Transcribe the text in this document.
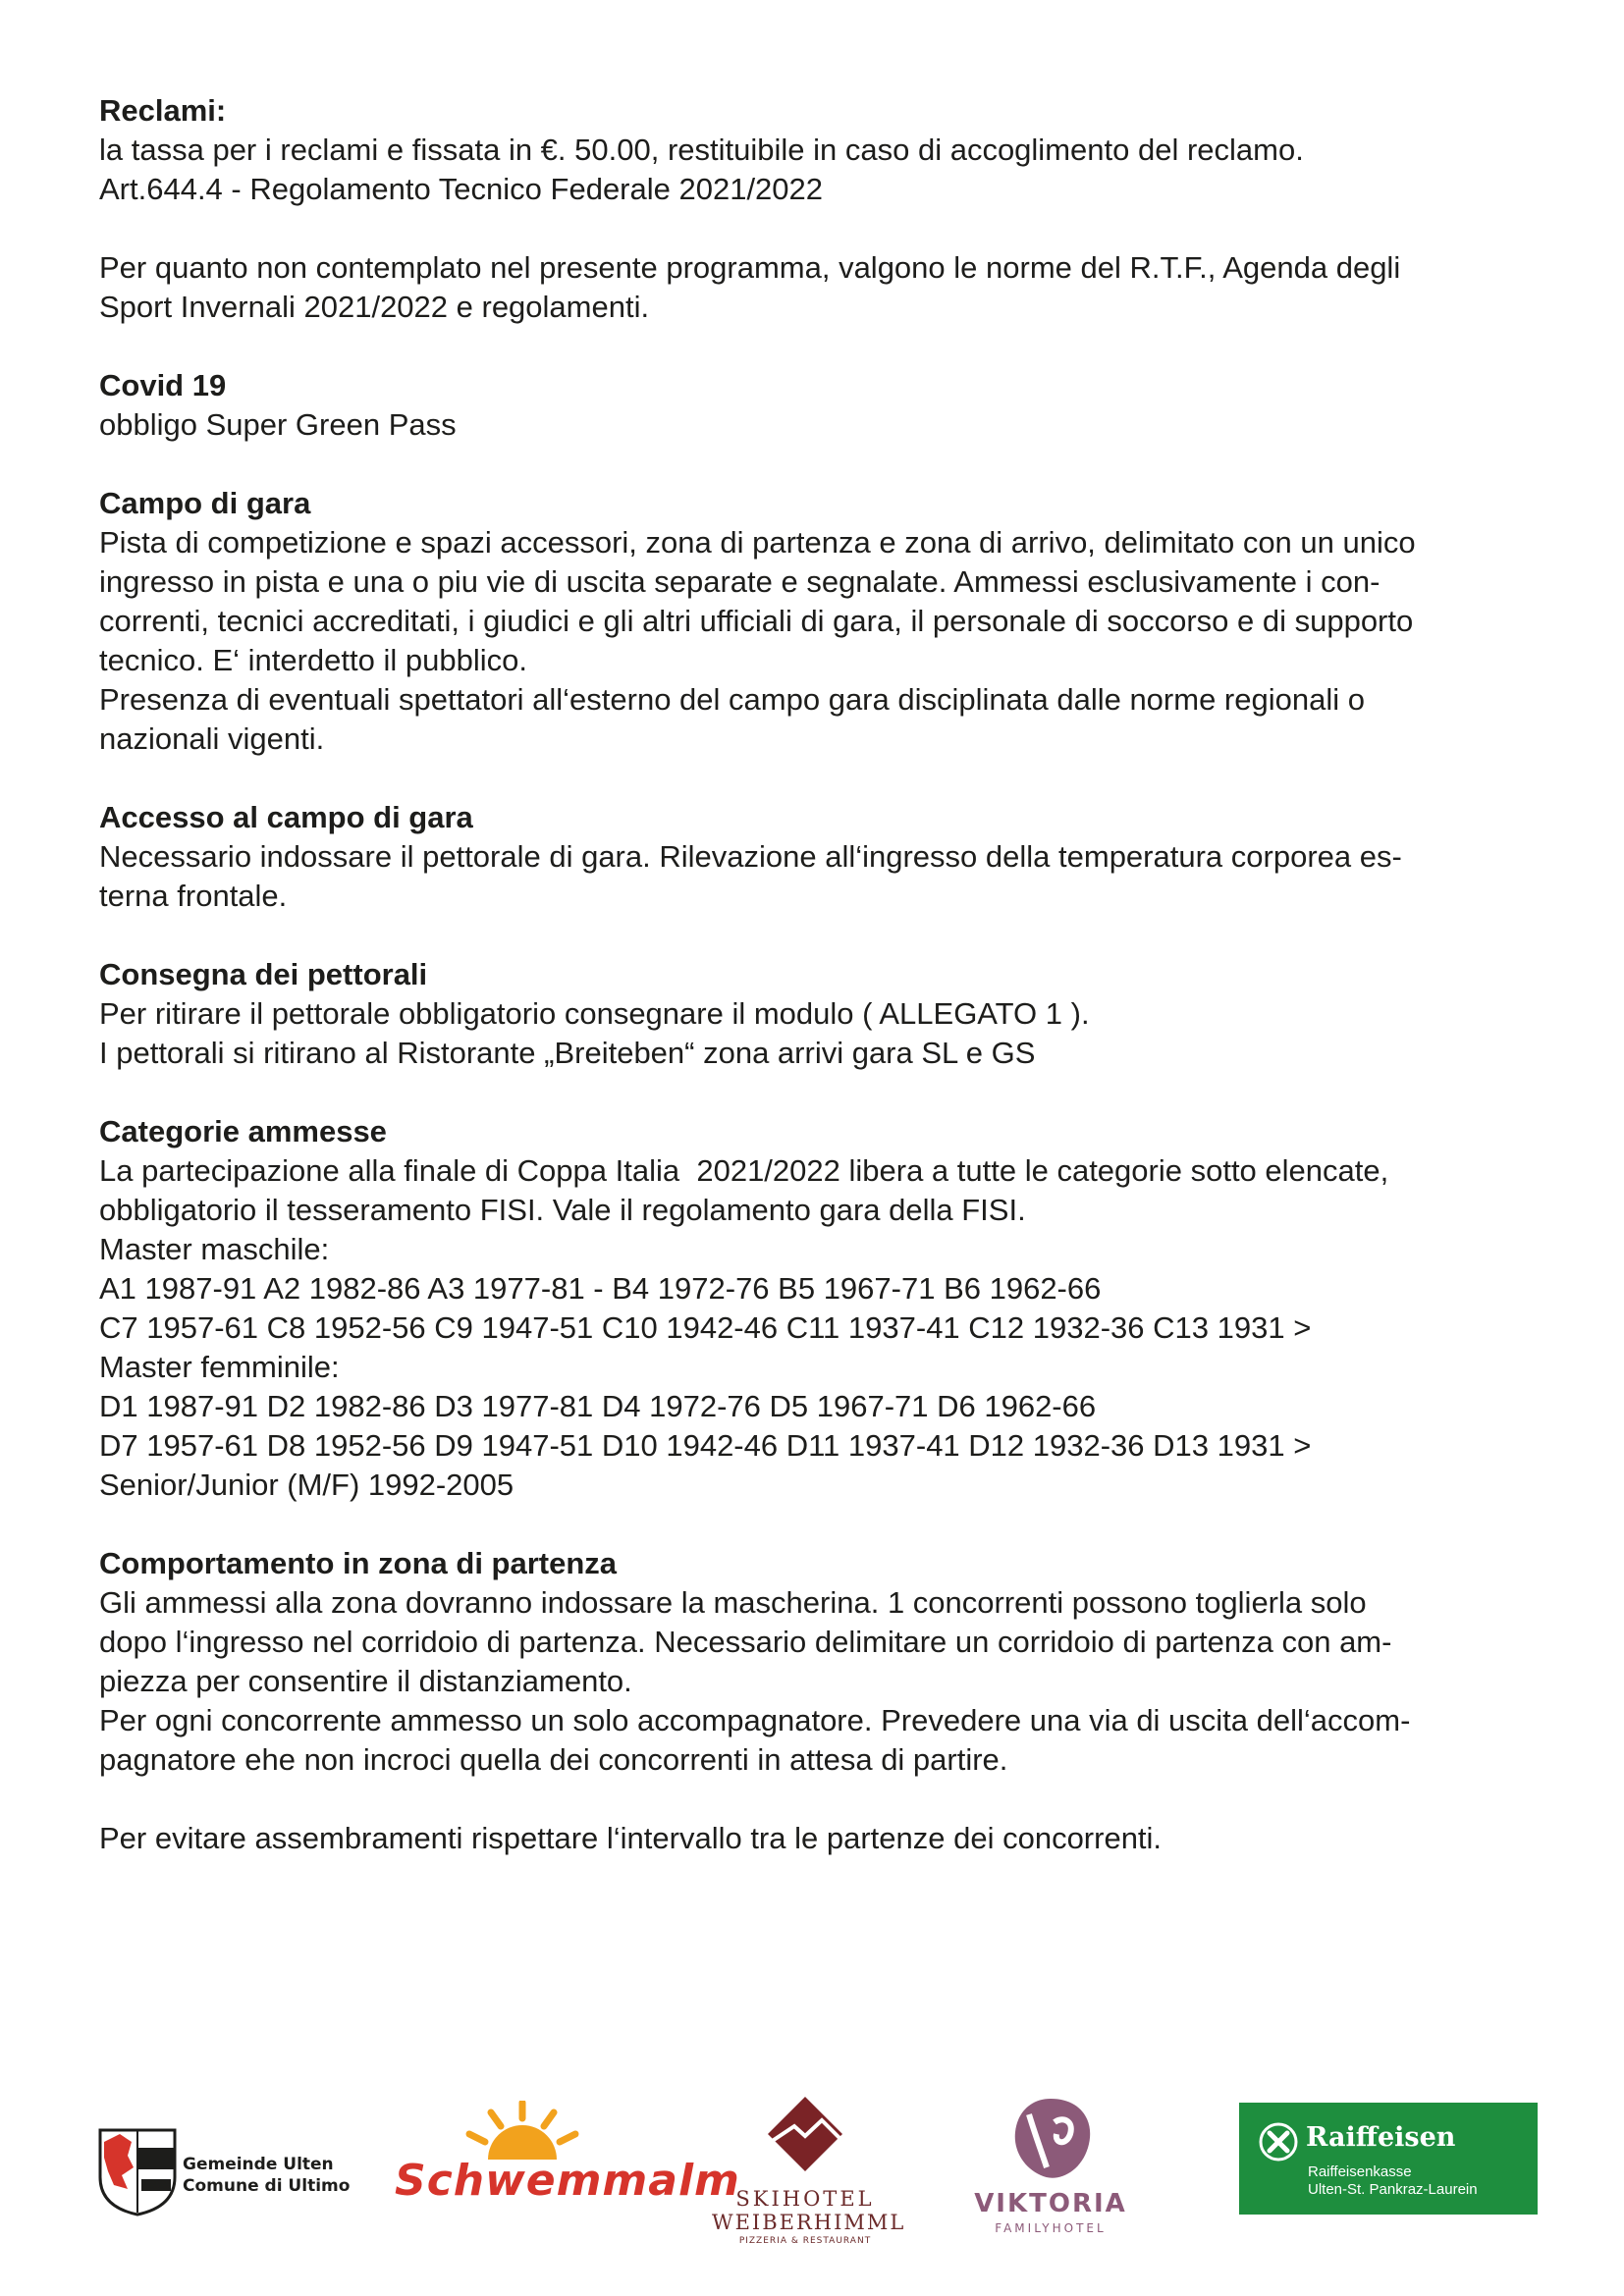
Reclami:

la tassa per i reclami e fissata in €. 50.00, restituibile in caso di accoglimento del reclamo.

Art.644.4 - Regolamento Tecnico Federale 2021/2022

Per quanto non contemplato nel presente programma, valgono le norme del R.T.F., Agenda degli

Sport Invernali 2021/2022 e regolamenti.

Covid 19

obbligo Super Green Pass

Campo di gara

Pista di competizione e spazi accessori, zona di partenza e zona di arrivo, delimitato con un unico

ingresso in pista e una o piu vie di uscita separate e segnalate. Ammessi esclusivamente i con-

correnti, tecnici accreditati, i giudici e gli altri ufficiali di gara, il personale di soccorso e di supporto

tecnico. E‘ interdetto il pubblico.

Presenza di eventuali spettatori all‘esterno del campo gara disciplinata dalle norme regionali o

nazionali vigenti.

Accesso al campo di gara

Necessario indossare il pettorale di gara. Rilevazione all‘ingresso della temperatura corporea es-

terna frontale.

Consegna dei pettorali

Per ritirare il pettorale obbligatorio consegnare il modulo ( ALLEGATO 1 ).

I pettorali si ritirano al Ristorante „Breiteben“ zona arrivi gara SL e GS

Categorie ammesse

La partecipazione alla finale di Coppa Italia  2021/2022 libera a tutte le categorie sotto elencate,

obbligatorio il tesseramento FISI. Vale il regolamento gara della FISI.

Master maschile:

A1 1987-91 A2 1982-86 A3 1977-81 - B4 1972-76 B5 1967-71 B6 1962-66

C7 1957-61 C8 1952-56 C9 1947-51 C10 1942-46 C11 1937-41 C12 1932-36 C13 1931 >

Master femminile:

D1 1987-91 D2 1982-86 D3 1977-81 D4 1972-76 D5 1967-71 D6 1962-66

D7 1957-61 D8 1952-56 D9 1947-51 D10 1942-46 D11 1937-41 D12 1932-36 D13 1931 >

Senior/Junior (M/F) 1992-2005

Comportamento in zona di partenza

Gli ammessi alla zona dovranno indossare la mascherina. 1 concorrenti possono toglierla solo

dopo l‘ingresso nel corridoio di partenza. Necessario delimitare un corridoio di partenza con am-

piezza per consentire il distanziamento.

Per ogni concorrente ammesso un solo accompagnatore. Prevedere una via di uscita dell‘accom-

pagnatore ehe non incroci quella dei concorrenti in attesa di partire.

Per evitare assembramenti rispettare l‘intervallo tra le partenze dei concorrenti.

Gemeinde Ulten
Comune di Ultimo Schwemmalm
SKIHOTEL
WEIBERHIMML
PIZZERIA & RESTAURANT
VIKTORIA
FAMILYHOTEL
Raiffeisen
Raiffeisenkasse
Ulten-St. Pankraz-Laurein
